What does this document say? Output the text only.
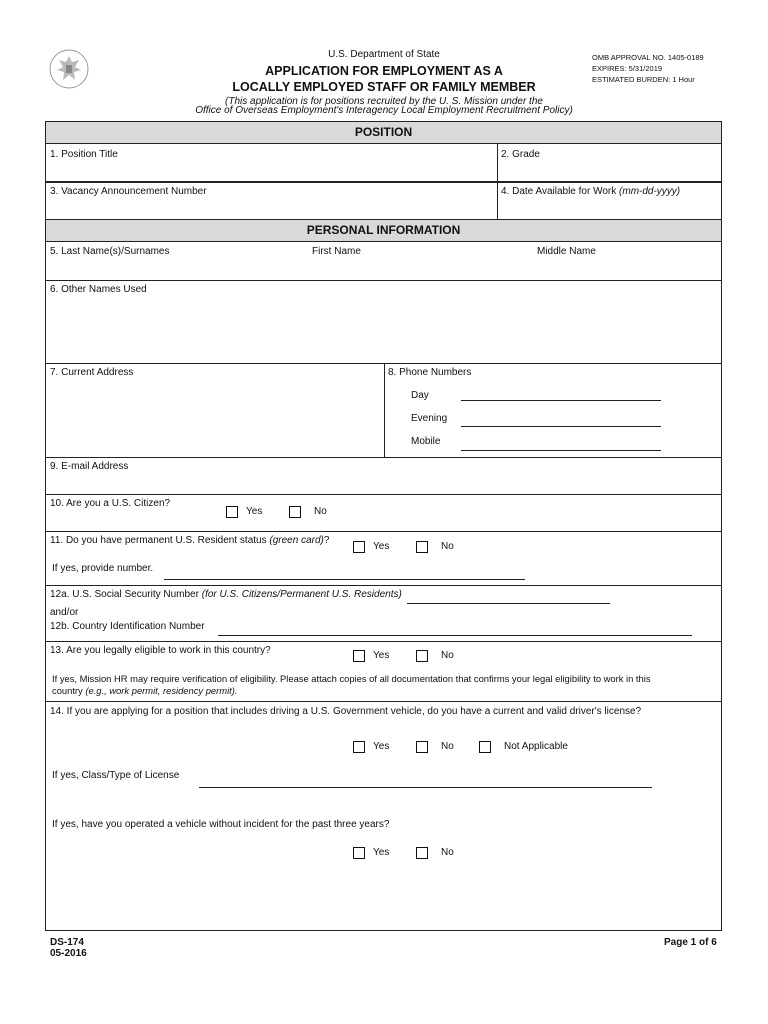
U.S. Department of State
APPLICATION FOR EMPLOYMENT AS A
LOCALLY EMPLOYED STAFF OR FAMILY MEMBER
(This application is for positions recruited by the U. S. Mission under the
Office of Overseas Employment's Interagency Local Employment Recruitment Policy)
OMB APPROVAL NO. 1405-0189
EXPIRES: 5/31/2019
ESTIMATED BURDEN: 1 Hour
POSITION
1. Position Title	2. Grade
3. Vacancy Announcement Number	4. Date Available for Work (mm-dd-yyyy)
PERSONAL INFORMATION
5. Last Name(s)/Surnames	First Name	Middle Name
6. Other Names Used
7. Current Address	8. Phone Numbers
Day
Evening
Mobile
9. E-mail Address
10. Are you a U.S. Citizen?
Yes	No
11. Do you have permanent U.S. Resident status (green card)?
Yes	No
If yes, provide number.
12a. U.S. Social Security Number (for U.S. Citizens/Permanent U.S. Residents)
and/or
12b. Country Identification Number
13. Are you legally eligible to work in this country?	Yes	No
If yes, Mission HR may require verification of eligibility. Please attach copies of all documentation that confirms your legal eligibility to work in this
country (e.g., work permit, residency permit).
14. If you are applying for a position that includes driving a U.S. Government vehicle, do you have a current and valid driver's license?
Yes	No	Not Applicable
If yes, Class/Type of License
If yes, have you operated a vehicle without incident for the past three years?
Yes	No
DS-174
05-2016
Page 1 of 6
